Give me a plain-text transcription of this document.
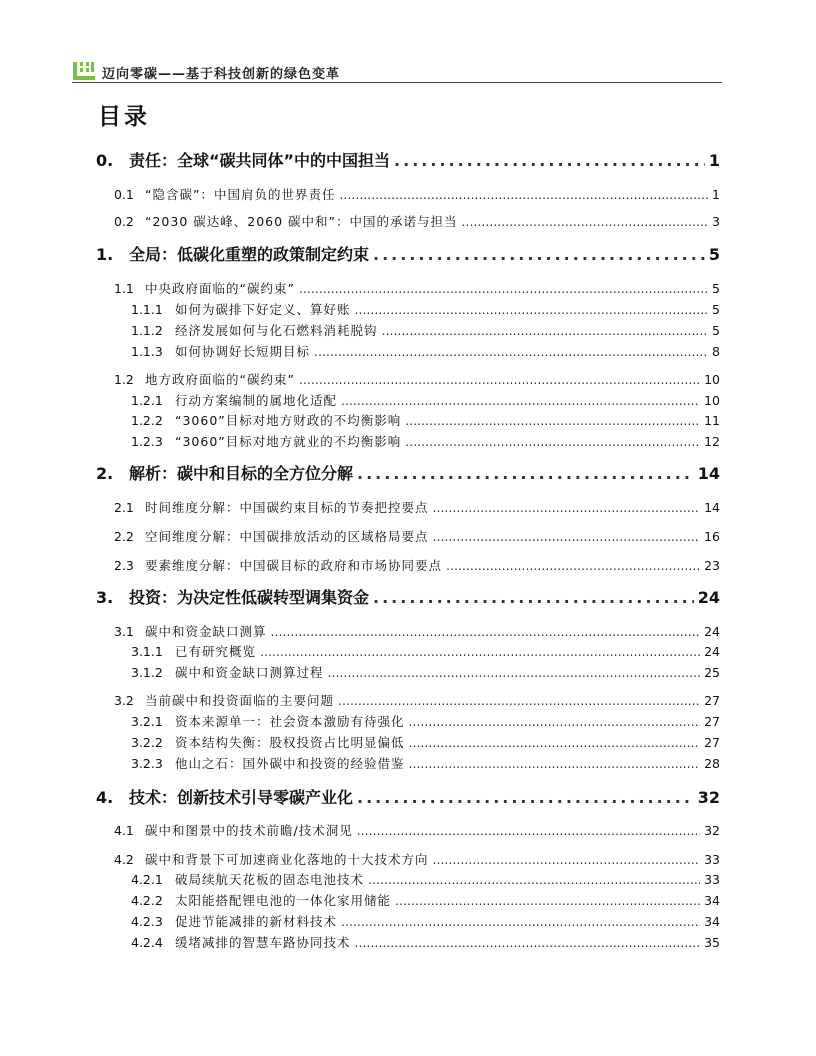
迈向零碳——基于科技创新的绿色变革
目录
0. 责任：全球“碳共同体”中的中国担当 .....	1
0.1 “隐含碳”：中国肩负的世界责任 .....	1
0.2 “2030 碳达峰、2060 碳中和”：中国的承诺与担当 .....	3
1. 全局：低碳化重塑的政策制定约束 .....	5
1.1 中央政府面临的“碳约束” .....	5
1.1.1 如何为碳排下好定义、算好账 .....	5
1.1.2 经济发展如何与化石燃料消耗脱钩 .....	5
1.1.3 如何协调好长短期目标 .....	8
1.2 地方政府面临的“碳约束” .....	10
1.2.1 行动方案编制的属地化适配 .....	10
1.2.2 “3060”目标对地方财政的不均衡影响 .....	11
1.2.3 “3060”目标对地方就业的不均衡影响 .....	12
2. 解析：碳中和目标的全方位分解 .....	14
2.1 时间维度分解：中国碳约束目标的节奏把控要点 .....	14
2.2 空间维度分解：中国碳排放活动的区域格局要点 .....	16
2.3 要素维度分解：中国碳目标的政府和市场协同要点 .....	23
3. 投资：为决定性低碳转型调集资金 .....	24
3.1 碳中和资金缺口测算 .....	24
3.1.1 已有研究概览 .....	24
3.1.2 碳中和资金缺口测算过程 .....	25
3.2 当前碳中和投资面临的主要问题 .....	27
3.2.1 资本来源单一：社会资本激励有待强化 .....	27
3.2.2 资本结构失衡：股权投资占比明显偏低 .....	27
3.2.3 他山之石：国外碳中和投资的经验借鉴 .....	28
4. 技术：创新技术引导零碳产业化 .....	32
4.1 碳中和图景中的技术前瞻/技术洞见 .....	32
4.2 碳中和背景下可加速商业化落地的十大技术方向 .....	33
4.2.1 破局续航天花板的固态电池技术 .....	33
4.2.2 太阳能搭配锂电池的一体化家用储能 .....	34
4.2.3 促进节能减排的新材料技术 .....	34
4.2.4 缓堵减排的智慧车路协同技术 .....	35
